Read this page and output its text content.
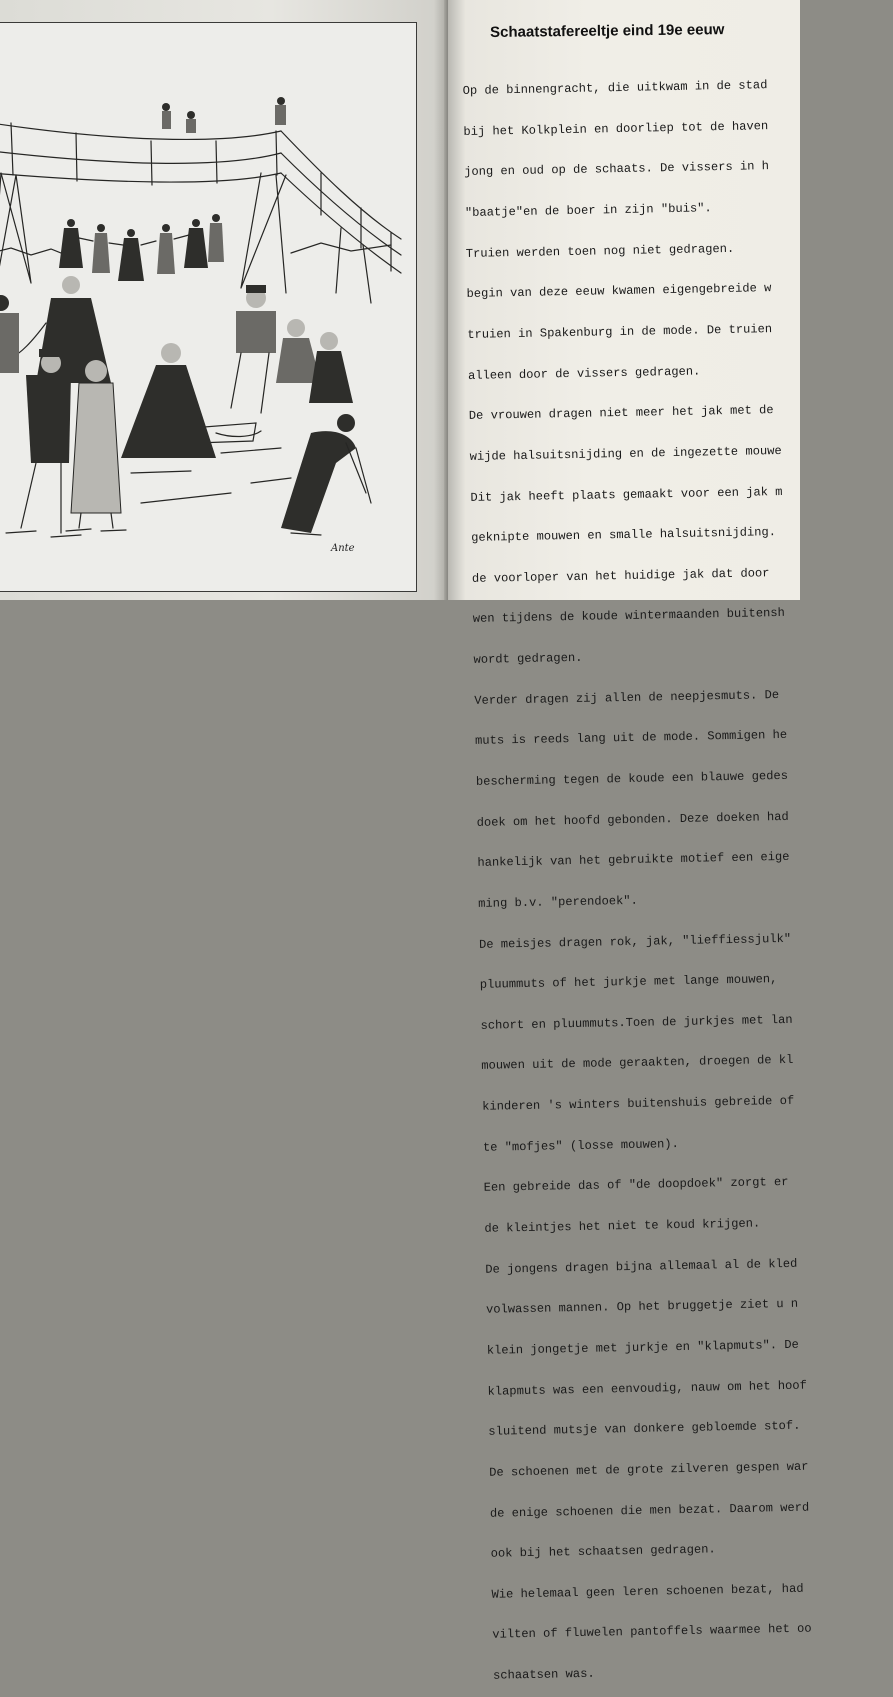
Ante
Schaatstafereeltje eind 19e eeuw

Op de binnengracht, die uitkwam in de stad

bij het Kolkplein en doorliep tot de haven

jong en oud op de schaats. De vissers in h

"baatje"en de boer in zijn "buis".

Truien werden toen nog niet gedragen.

begin van deze eeuw kwamen eigengebreide w

truien in Spakenburg in de mode. De truien

alleen door de vissers gedragen.

De vrouwen dragen niet meer het jak met de

wijde halsuitsnijding en de ingezette mouwe

Dit jak heeft plaats gemaakt voor een jak m

geknipte mouwen en smalle halsuitsnijding.

de voorloper van het huidige jak dat door

wen tijdens de koude wintermaanden buitensh

wordt gedragen.

Verder dragen zij allen de neepjesmuts. De

muts is reeds lang uit de mode. Sommigen he

bescherming tegen de koude een blauwe gedes

doek om het hoofd gebonden. Deze doeken had

hankelijk van het gebruikte motief een eige

ming b.v. "perendoek".

De meisjes dragen rok, jak, "lieffiessjulk"

pluummuts of het jurkje met lange mouwen,

schort en pluummuts.Toen de jurkjes met lan

mouwen uit de mode geraakten, droegen de kl

kinderen 's winters buitenshuis gebreide of

te "mofjes" (losse mouwen).

Een gebreide das of "de doopdoek" zorgt er

de kleintjes het niet te koud krijgen.

De jongens dragen bijna allemaal al de kled

volwassen mannen. Op het bruggetje ziet u n

klein jongetje met jurkje en "klapmuts". De

klapmuts was een eenvoudig, nauw om het hoof

sluitend mutsje van donkere gebloemde stof.

De schoenen met de grote zilveren gespen war

de enige schoenen die men bezat. Daarom werd

ook bij het schaatsen gedragen.

Wie helemaal geen leren schoenen bezat, had

vilten of fluwelen pantoffels waarmee het oo

schaatsen was.
